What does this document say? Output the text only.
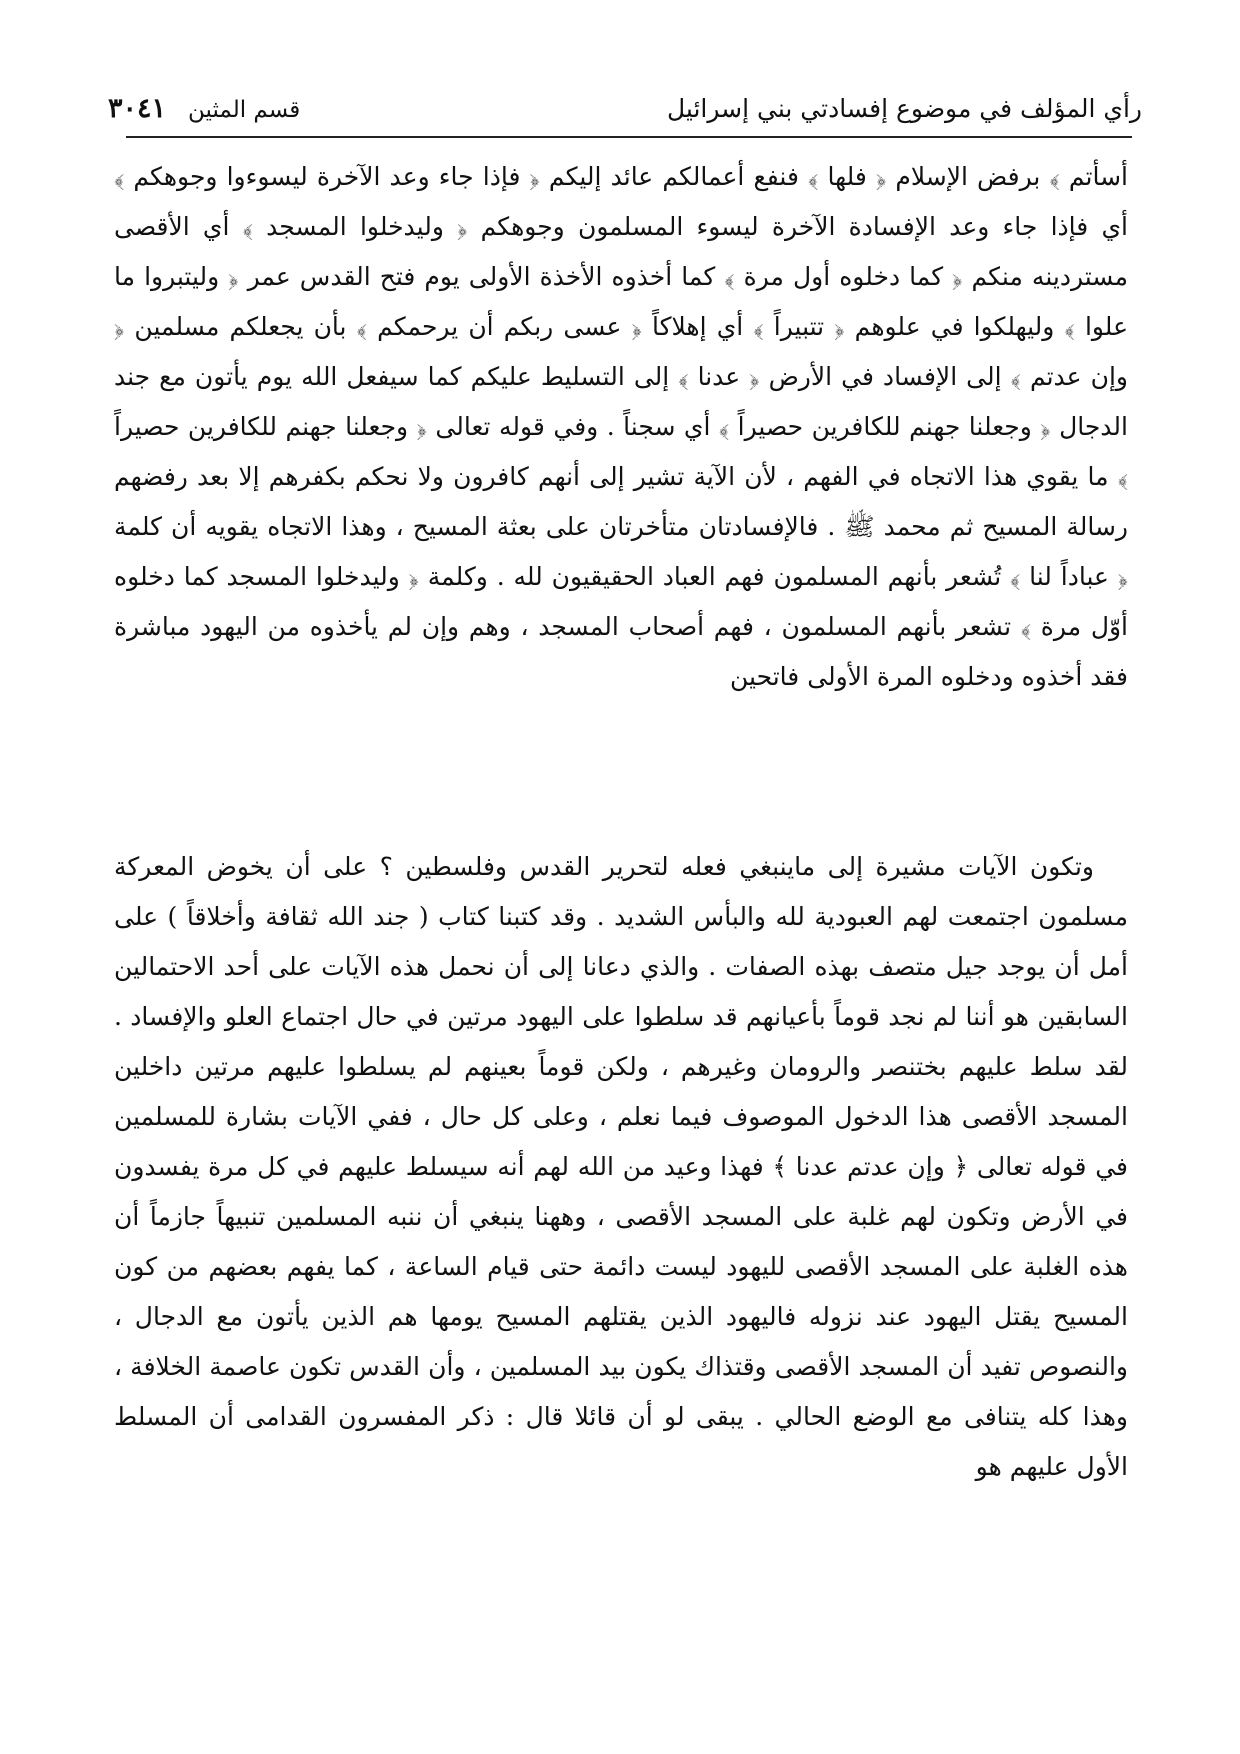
رأي المؤلف في موضوع إفسادتي بني إسرائيل
قسم المثين
٣٠٤١

أسأتم ﴾ برفض الإسلام ﴿ فلها ﴾ فنفع أعمالكم عائد إليكم ﴿ فإذا جاء وعد الآخرة ليسوءوا وجوهكم ﴾ أي فإذا جاء وعد الإفسادة الآخرة ليسوء المسلمون وجوهكم ﴿ وليدخلوا المسجد ﴾ أي الأقصى مستردينه منكم ﴿ كما دخلوه أول مرة ﴾ كما أخذوه الأخذة الأولى يوم فتح القدس عمر ﴿ وليتبروا ما علوا ﴾ وليهلكوا في علوهم ﴿ تتبيراً ﴾ أي إهلاكاً ﴿ عسى ربكم أن يرحمكم ﴾ بأن يجعلكم مسلمين ﴿ وإن عدتم ﴾ إلى الإفساد في الأرض ﴿ عدنا ﴾ إلى التسليط عليكم كما سيفعل الله يوم يأتون مع جند الدجال ﴿ وجعلنا جهنم للكافرين حصيراً ﴾ أي سجناً . وفي قوله تعالى ﴿ وجعلنا جهنم للكافرين حصيراً ﴾ ما يقوي هذا الاتجاه في الفهم ، لأن الآية تشير إلى أنهم كافرون ولا نحكم بكفرهم إلا بعد رفضهم رسالة المسيح ثم محمد ﷺ . فالإفسادتان متأخرتان على بعثة المسيح ، وهذا الاتجاه يقويه أن كلمة ﴿ عباداً لنا ﴾ تُشعر بأنهم المسلمون فهم العباد الحقيقيون لله . وكلمة ﴿ وليدخلوا المسجد كما دخلوه أوّل مرة ﴾ تشعر بأنهم المسلمون ، فهم أصحاب المسجد ، وهم وإن لم يأخذوه من اليهود مباشرة فقد أخذوه ودخلوه المرة الأولى فاتحين

وتكون الآيات مشيرة إلى ماينبغي فعله لتحرير القدس وفلسطين ؟ على أن يخوض المعركة مسلمون اجتمعت لهم العبودية لله والبأس الشديد . وقد كتبنا كتاب ( جند الله ثقافة وأخلاقاً ) على أمل أن يوجد جيل متصف بهذه الصفات . والذي دعانا إلى أن نحمل هذه الآيات على أحد الاحتمالين السابقين هو أننا لم نجد قوماً بأعيانهم قد سلطوا على اليهود مرتين في حال اجتماع العلو والإفساد . لقد سلط عليهم بختنصر والرومان وغيرهم ، ولكن قوماً بعينهم لم يسلطوا عليهم مرتين داخلين المسجد الأقصى هذا الدخول الموصوف فيما نعلم ، وعلى كل حال ، ففي الآيات بشارة للمسلمين في قوله تعالى ﴿ وإن عدتم عدنا ﴾ فهذا وعيد من الله لهم أنه سيسلط عليهم في كل مرة يفسدون في الأرض وتكون لهم غلبة على المسجد الأقصى ، وههنا ينبغي أن ننبه المسلمين تنبيهاً جازماً أن هذه الغلبة على المسجد الأقصى لليهود ليست دائمة حتى قيام الساعة ، كما يفهم بعضهم من كون المسيح يقتل اليهود عند نزوله فاليهود الذين يقتلهم المسيح يومها هم الذين يأتون مع الدجال ، والنصوص تفيد أن المسجد الأقصى وقتذاك يكون بيد المسلمين ، وأن القدس تكون عاصمة الخلافة ، وهذا كله يتنافى مع الوضع الحالي . يبقى لو أن قائلا قال : ذكر المفسرون القدامى أن المسلط الأول عليهم هو
